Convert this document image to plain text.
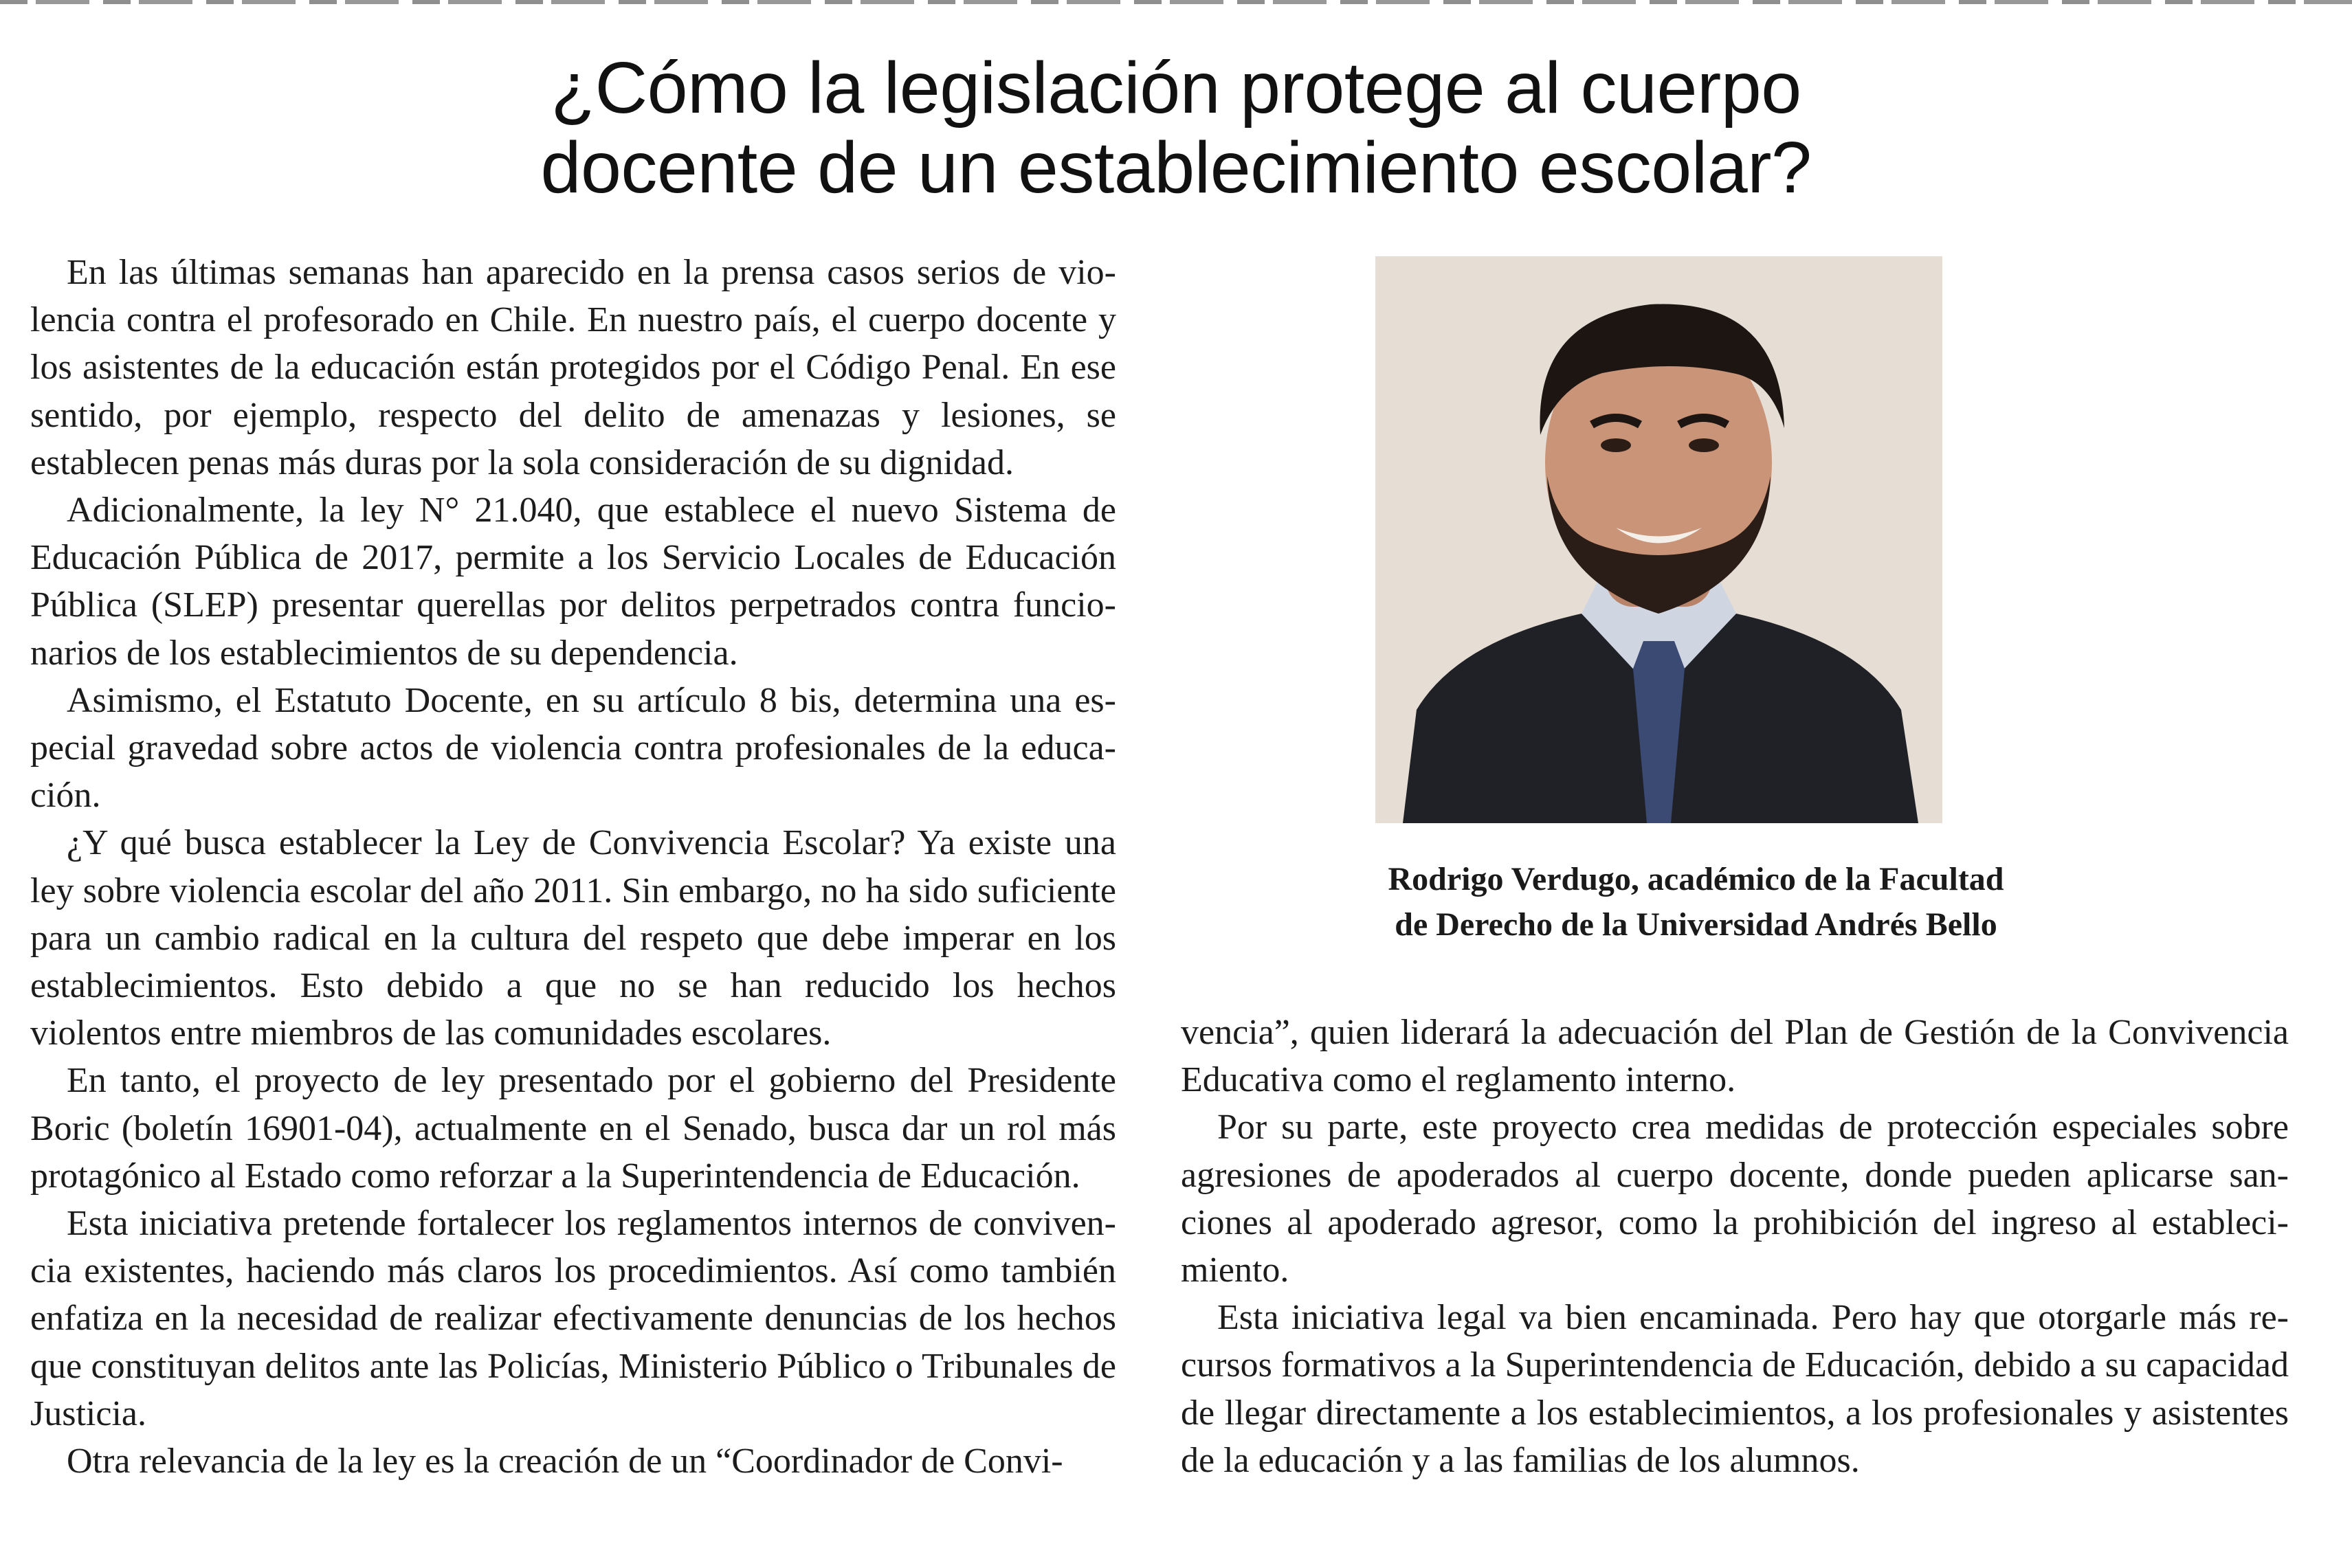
¿Cómo la legislación protege al cuerpo
docente de un establecimiento escolar?

En las últimas semanas han aparecido en la prensa casos serios de violencia contra el profesorado en Chile. En nuestro país, el cuerpo docente y los asistentes de la educación están protegidos por el Código Penal. En ese sentido, por ejemplo, respecto del delito de amenazas y lesiones, se establecen penas más duras por la sola consideración de su dignidad.

Adicionalmente, la ley N° 21.040, que establece el nuevo Sistema de Educación Pública de 2017, permite a los Servicio Locales de Educación Pública (SLEP) presentar querellas por delitos perpetrados contra funcionarios de los establecimientos de su dependencia.

Asimismo, el Estatuto Docente, en su artículo 8 bis, determina una especial gravedad sobre actos de violencia contra profesionales de la educación.

¿Y qué busca establecer la Ley de Convivencia Escolar? Ya existe una ley sobre violencia escolar del año 2011. Sin embargo, no ha sido suficiente para un cambio radical en la cultura del respeto que debe imperar en los establecimientos. Esto debido a que no se han reducido los hechos violentos entre miembros de las comunidades escolares.

En tanto, el proyecto de ley presentado por el gobierno del Presidente Boric (boletín 16901-04), actualmente en el Senado, busca dar un rol más protagónico al Estado como reforzar a la Superintendencia de Educación.

Esta iniciativa pretende fortalecer los reglamentos internos de convivencia existentes, haciendo más claros los procedimientos. Así como también enfatiza en la necesidad de realizar efectivamente denuncias de los hechos que constituyan delitos ante las Policías, Ministerio Público o Tribunales de Justicia.

Otra relevancia de la ley es la creación de un “Coordinador de Convi-

Rodrigo Verdugo, académico de la Facultad
de Derecho de la Universidad Andrés Bello

vencia”, quien liderará la adecuación del Plan de Gestión de la Convivencia Educativa como el reglamento interno.

Por su parte, este proyecto crea medidas de protección especiales sobre agresiones de apoderados al cuerpo docente, donde pueden aplicarse sanciones al apoderado agresor, como la prohibición del ingreso al establecimiento.

Esta iniciativa legal va bien encaminada. Pero hay que otorgarle más recursos formativos a la Superintendencia de Educación, debido a su capacidad de llegar directamente a los establecimientos, a los profesionales y asistentes de la educación y a las familias de los alumnos.
